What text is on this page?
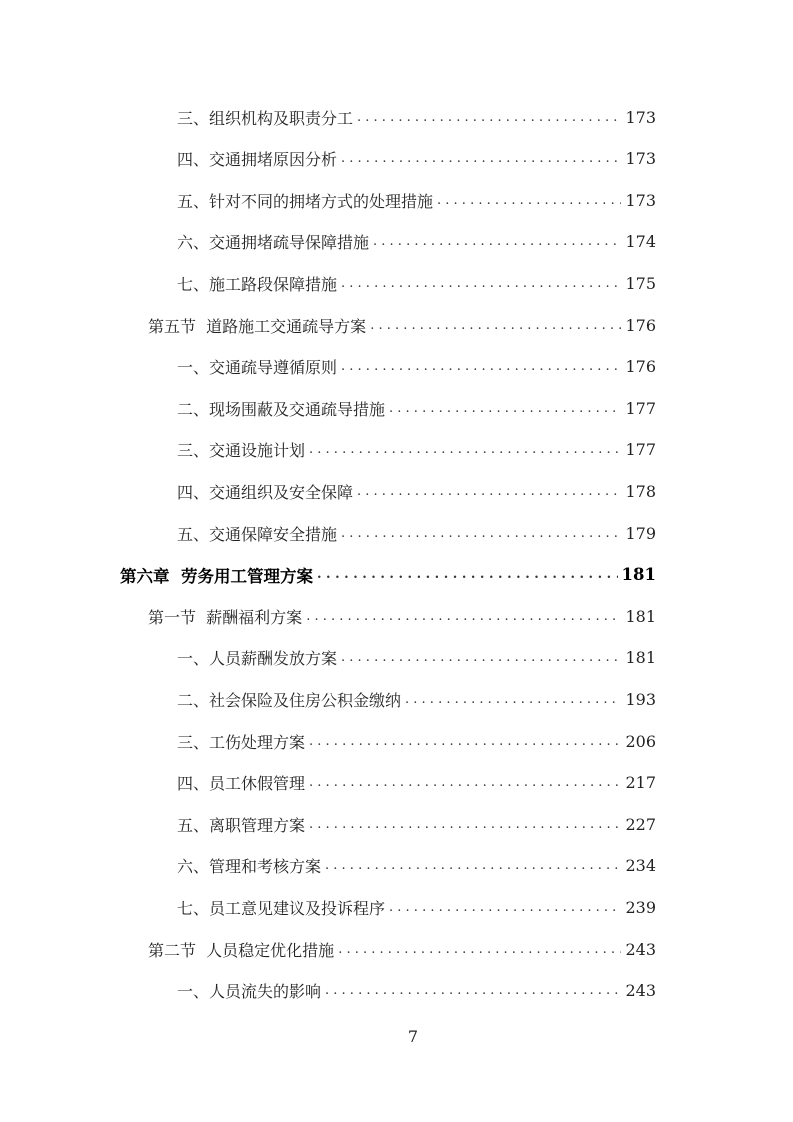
三、组织机构及职责分工 . . .	173
四、交通拥堵原因分析 . . .	173
五、针对不同的拥堵方式的处理措施 . . .	173
六、交通拥堵疏导保障措施 . . .	174
七、施工路段保障措施 . . .	175
第五节  道路施工交通疏导方案 . . .	176
一、交通疏导遵循原则 . . .	176
二、现场围蔽及交通疏导措施 . . .	177
三、交通设施计划 . . .	177
四、交通组织及安全保障 . . .	178
五、交通保障安全措施 . . .	179
第六章  劳务用工管理方案 . . .	181
第一节  薪酬福利方案 . . .	181
一、人员薪酬发放方案 . . .	181
二、社会保险及住房公积金缴纳 . . .	193
三、工伤处理方案 . . .	206
四、员工休假管理 . . .	217
五、离职管理方案 . . .	227
六、管理和考核方案 . . .	234
七、员工意见建议及投诉程序 . . .	239
第二节  人员稳定优化措施 . . .	243
一、人员流失的影响 . . .	243
7
